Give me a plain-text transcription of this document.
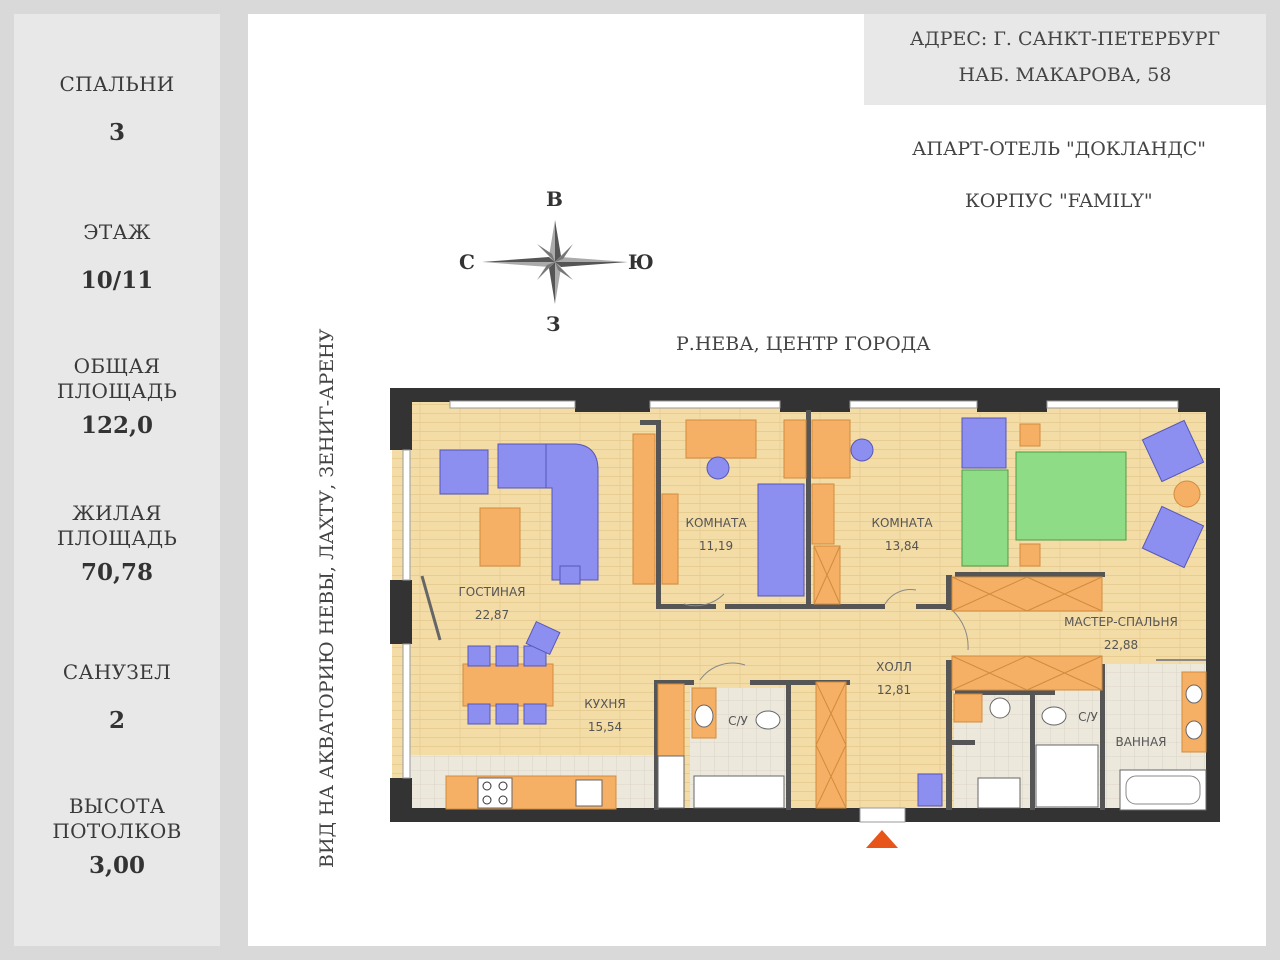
СПАЛЬНИ
3
ЭТАЖ
10/11
ОБЩАЯ
ПЛОЩАДЬ
122,0
ЖИЛАЯ
ПЛОЩАДЬ
70,78
САНУЗЕЛ
2
ВЫСОТА
ПОТОЛКОВ
3,00
АДРЕС: Г. САНКТ-ПЕТЕРБУРГ
НАБ. МАКАРОВА, 58
АПАРТ-ОТЕЛЬ "ДОКЛАНДС"
КОРПУС "FAMILY"
Р.НЕВА, ЦЕНТР ГОРОДА
ВИД НА АКВАТОРИЮ НЕВЫ, ЛАХТУ, ЗЕНИТ-АРЕНУ
В
З
С	Ю
ГОСТИНАЯ
22,87
КУХНЯ
15,54
КОМНАТА
11,19
КОМНАТА
13,84
ХОЛЛ
12,81
МАСТЕР-СПАЛЬНЯ
22,88
С/У	С/У
ВАННАЯ
